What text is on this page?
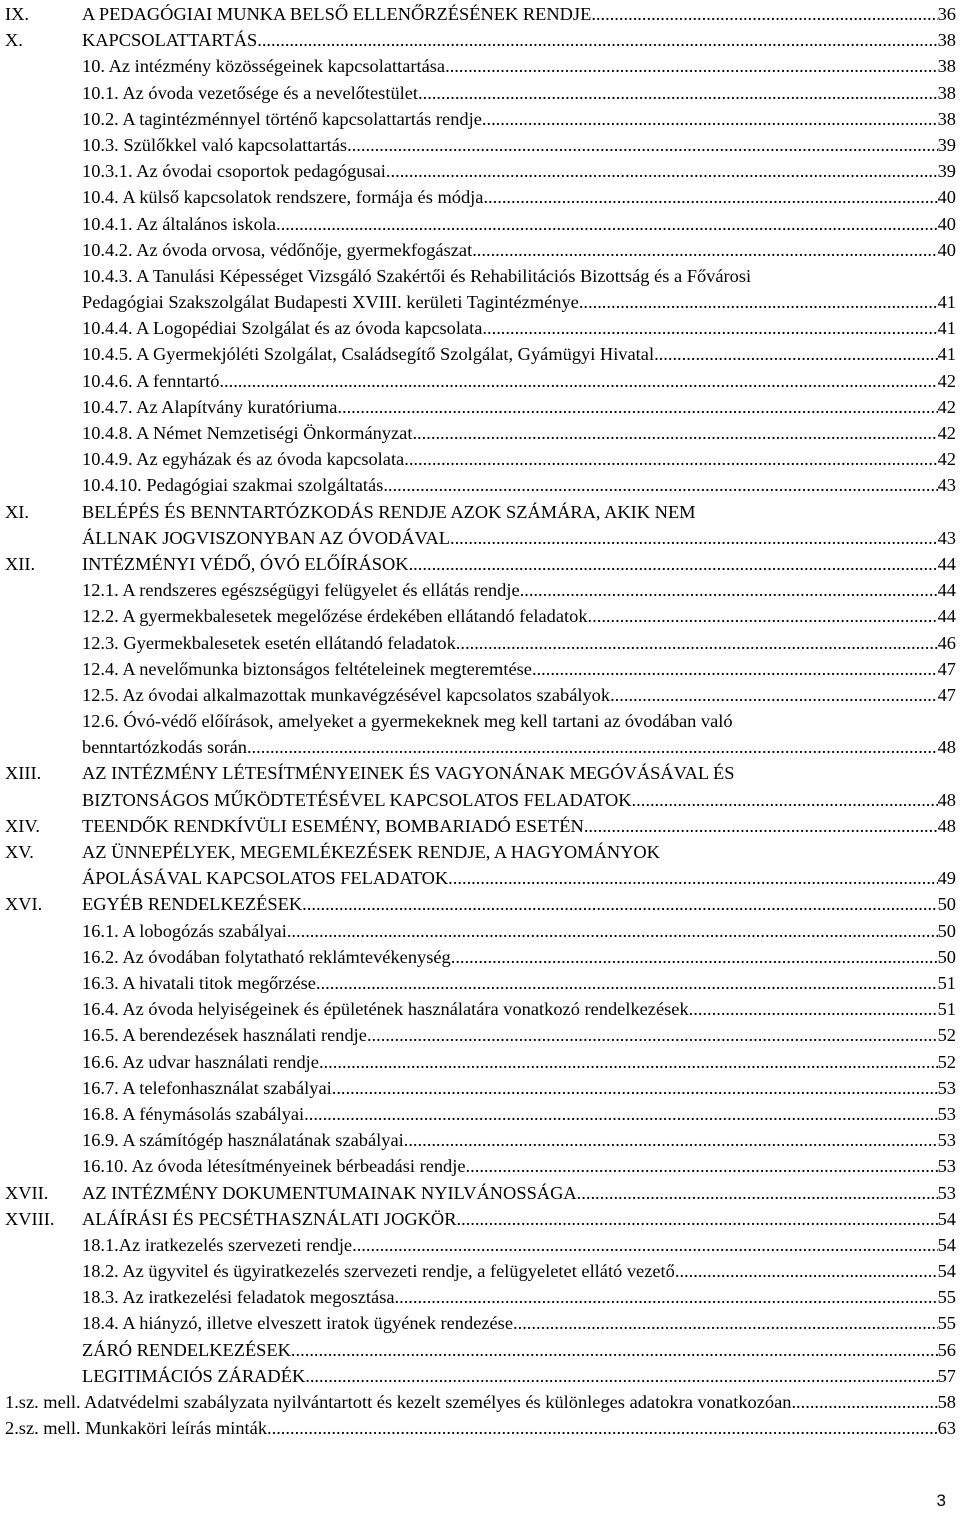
IX.	A PEDAGÓGIAI MUNKA BELSŐ ELLENŐRZÉSÉNEK RENDJE .....	36
X.	KAPCSOLATTARTÁS .....	38
10. Az intézmény közösségeinek kapcsolattartása .....	38
10.1. Az óvoda vezetősége és a nevelőtestület .....	38
10.2. A tagintézménnyel történő kapcsolattartás rendje .....	38
10.3. Szülőkkel való kapcsolattartás .....	39
10.3.1. Az óvodai csoportok pedagógusai .....	39
10.4. A külső kapcsolatok rendszere, formája és módja .....	40
10.4.1. Az általános iskola .....	40
10.4.2. Az óvoda orvosa, védőnője, gyermekfogászat .....	40
10.4.3. A Tanulási Képességet Vizsgáló Szakértői és Rehabilitációs Bizottság és a Fővárosi
Pedagógiai Szakszolgálat Budapesti XVIII. kerületi Tagintézménye .....	41
10.4.4. A Logopédiai Szolgálat és az óvoda kapcsolata .....	41
10.4.5. A Gyermekjóléti Szolgálat, Családsegítő Szolgálat, Gyámügyi Hivatal .....	41
10.4.6. A fenntartó .....	42
10.4.7. Az Alapítvány kuratóriuma .....	42
10.4.8. A Német Nemzetiségi Önkormányzat .....	42
10.4.9. Az egyházak és az óvoda kapcsolata .....	42
10.4.10. Pedagógiai szakmai szolgáltatás .....	43
XI.	BELÉPÉS ÉS BENNTARTÓZKODÁS RENDJE AZOK SZÁMÁRA, AKIK NEM
ÁLLNAK JOGVISZONYBAN AZ ÓVODÁVAL .....	43
XII.	INTÉZMÉNYI VÉDŐ, ÓVÓ ELŐÍRÁSOK .....	44
12.1. A rendszeres egészségügyi felügyelet és ellátás rendje .....	44
12.2. A gyermekbalesetek megelőzése érdekében ellátandó feladatok .....	44
12.3. Gyermekbalesetek esetén ellátandó feladatok .....	46
12.4. A nevelőmunka biztonságos feltételeinek megteremtése .....	47
12.5. Az óvodai alkalmazottak munkavégzésével kapcsolatos szabályok .....	47
12.6. Óvó-védő előírások, amelyeket a gyermekeknek meg kell tartani az óvodában való
benntartózkodás során .....	48
XIII. AZ INTÉZMÉNY LÉTESÍTMÉNYEINEK ÉS VAGYONÁNAK MEGÓVÁSÁVAL ÉS
BIZTONSÁGOS MŰKÖDTETÉSÉVEL KAPCSOLATOS FELADATOK .....	48
XIV. TEENDŐK RENDKÍVÜLI ESEMÉNY, BOMBARIADÓ ESETÉN .....	48
XV.	AZ ÜNNEPÉLYEK, MEGEMLÉKEZÉSEK RENDJE, A HAGYOMÁNYOK
ÁPOLÁSÁVAL KAPCSOLATOS FELADATOK .....	49
XVI. EGYÉB RENDELKEZÉSEK .....	50
16.1. A lobogózás szabályai .....	50
16.2. Az óvodában folytatható reklámtevékenység .....	50
16.3. A hivatali titok megőrzése .....	51
16.4. Az óvoda helyiségeinek és épületének használatára vonatkozó rendelkezések .....	51
16.5. A berendezések használati rendje .....	52
16.6. Az udvar használati rendje .....	52
16.7. A telefonhasználat szabályai .....	53
16.8. A fénymásolás szabályai .....	53
16.9. A számítógép használatának szabályai .....	53
16.10. Az óvoda létesítményeinek bérbeadási rendje .....	53
XVII. AZ INTÉZMÉNY DOKUMENTUMAINAK NYILVÁNOSSÁGA .....	53
XVIII. ALÁÍRÁSI ÉS PECSÉTHASZNÁLATI JOGKÖR .....	54
18.1.Az iratkezelés szervezeti rendje .....	54
18.2. Az ügyvitel és ügyiratkezelés szervezeti rendje, a felügyeletet ellátó vezető .....	54
18.3. Az iratkezelési feladatok megosztása .....	55
18.4. A hiányzó, illetve elveszett iratok ügyének rendezése .....	55
ZÁRÓ RENDELKEZÉSEK .....	56
LEGITIMÁCIÓS ZÁRADÉK .....	57
1.sz. mell. Adatvédelmi szabályzata nyilvántartott és kezelt személyes és különleges adatokra vonatkozóan .....	58
2.sz. mell. Munkaköri leírás minták .....	63
3
